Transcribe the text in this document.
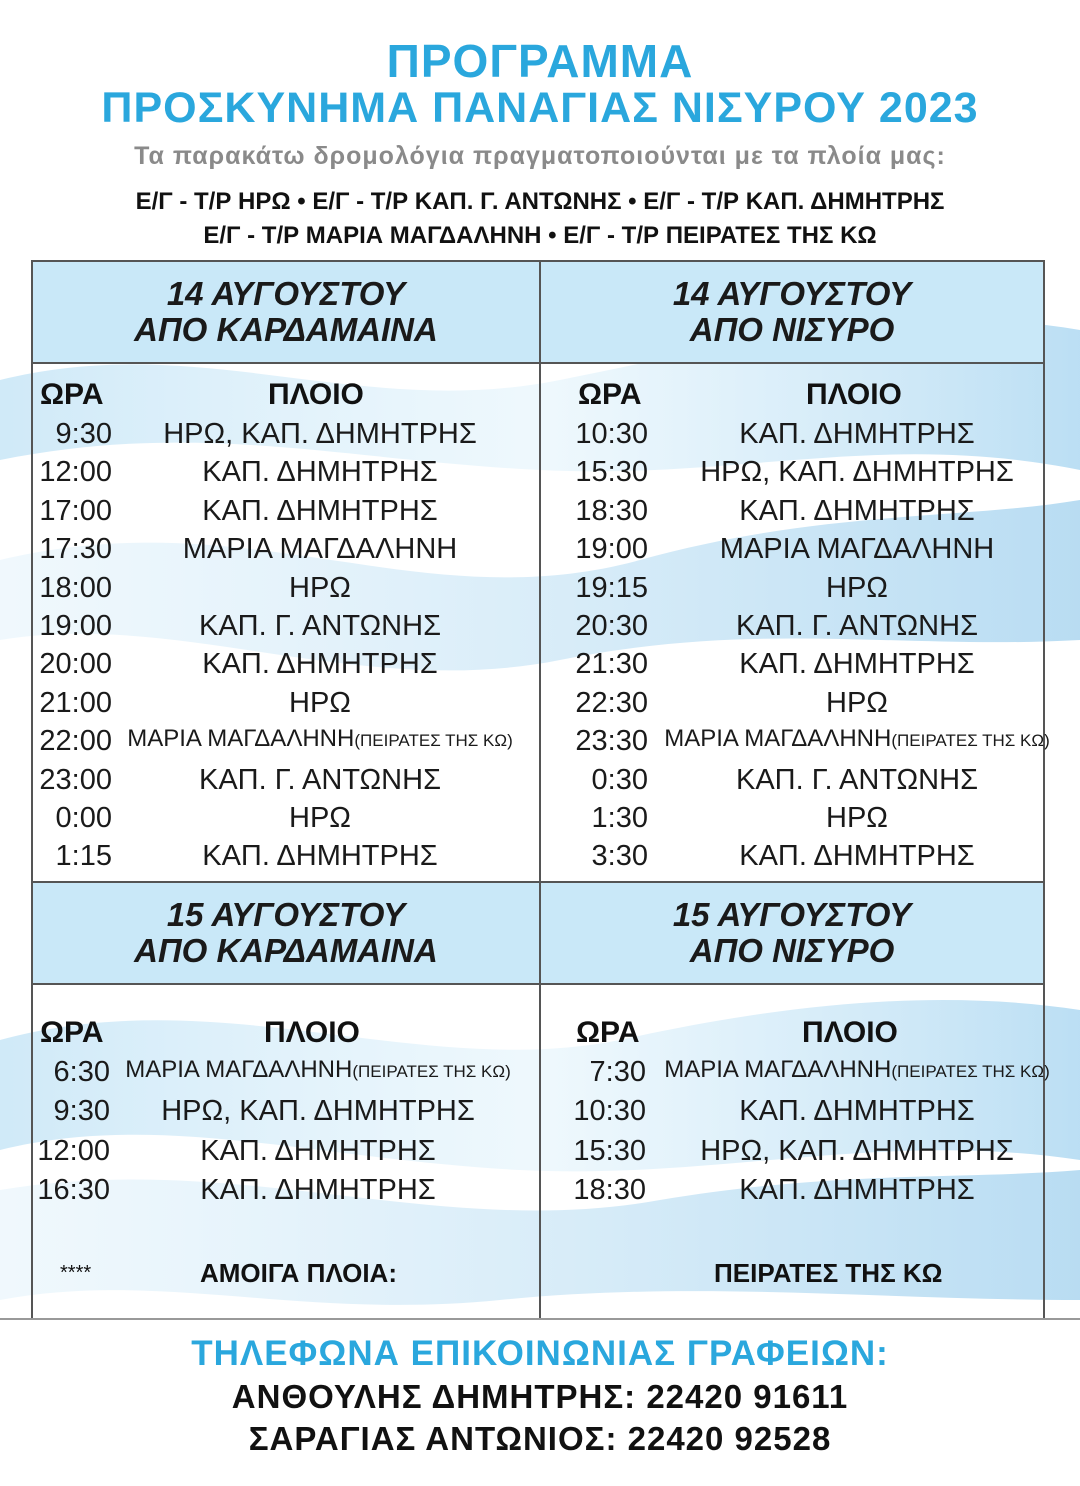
ΠΡΟΓΡΑΜΜΑ
ΠΡΟΣΚΥΝΗΜΑ ΠΑΝΑΓΙΑΣ ΝΙΣΥΡΟΥ 2023
Τα παρακάτω δρομολόγια πραγματοποιούνται με τα πλοία μας:
Ε/Γ - Τ/Ρ ΗΡΩ • Ε/Γ - Τ/Ρ ΚΑΠ. Γ. ΑΝΤΩΝΗΣ • Ε/Γ - Τ/Ρ ΚΑΠ. ΔΗΜΗΤΡΗΣ
Ε/Γ - Τ/Ρ ΜΑΡΙΑ ΜΑΓΔΑΛΗΝΗ • Ε/Γ - Τ/Ρ ΠΕΙΡΑΤΕΣ ΤΗΣ ΚΩ
14 ΑΥΓΟΥΣΤΟΥ
ΑΠΟ ΚΑΡΔΑΜΑΙΝΑ
14 ΑΥΓΟΥΣΤΟΥ
ΑΠΟ ΝΙΣΥΡΟ
15 ΑΥΓΟΥΣΤΟΥ
ΑΠΟ ΚΑΡΔΑΜΑΙΝΑ
15 ΑΥΓΟΥΣΤΟΥ
ΑΠΟ ΝΙΣΥΡΟ
ΩΡΑ	ΠΛΟΙΟ	ΩΡΑ	ΠΛΟΙΟ
ΩΡΑ	ΠΛΟΙΟ	ΩΡΑ	ΠΛΟΙΟ
9:30	ΗΡΩ, ΚΑΠ. ΔΗΜΗΤΡΗΣ
12:00	ΚΑΠ. ΔΗΜΗΤΡΗΣ
17:00	ΚΑΠ. ΔΗΜΗΤΡΗΣ
17:30	ΜΑΡΙΑ ΜΑΓΔΑΛΗΝΗ
18:00	ΗΡΩ
19:00	ΚΑΠ. Γ. ΑΝΤΩΝΗΣ
20:00	ΚΑΠ. ΔΗΜΗΤΡΗΣ
21:00	ΗΡΩ
22:00 ΜΑΡΙΑ ΜΑΓΔΑΛΗΝΗ(ΠΕΙΡΑΤΕΣ ΤΗΣ ΚΩ)
23:00	ΚΑΠ. Γ. ΑΝΤΩΝΗΣ
0:00	ΗΡΩ
1:15	ΚΑΠ. ΔΗΜΗΤΡΗΣ
10:30	ΚΑΠ. ΔΗΜΗΤΡΗΣ
15:30	ΗΡΩ, ΚΑΠ. ΔΗΜΗΤΡΗΣ
18:30	ΚΑΠ. ΔΗΜΗΤΡΗΣ
19:00	ΜΑΡΙΑ ΜΑΓΔΑΛΗΝΗ
19:15	ΗΡΩ
20:30	ΚΑΠ. Γ. ΑΝΤΩΝΗΣ
21:30	ΚΑΠ. ΔΗΜΗΤΡΗΣ
22:30	ΗΡΩ
23:30 ΜΑΡΙΑ ΜΑΓΔΑΛΗΝΗ(ΠΕΙΡΑΤΕΣ ΤΗΣ ΚΩ)
0:30	ΚΑΠ. Γ. ΑΝΤΩΝΗΣ
1:30	ΗΡΩ
3:30	ΚΑΠ. ΔΗΜΗΤΡΗΣ
6:30 ΜΑΡΙΑ ΜΑΓΔΑΛΗΝΗ(ΠΕΙΡΑΤΕΣ ΤΗΣ ΚΩ)
9:30	ΗΡΩ, ΚΑΠ. ΔΗΜΗΤΡΗΣ
12:00	ΚΑΠ. ΔΗΜΗΤΡΗΣ
16:30	ΚΑΠ. ΔΗΜΗΤΡΗΣ
7:30 ΜΑΡΙΑ ΜΑΓΔΑΛΗΝΗ(ΠΕΙΡΑΤΕΣ ΤΗΣ ΚΩ)
10:30	ΚΑΠ. ΔΗΜΗΤΡΗΣ
15:30	ΗΡΩ, ΚΑΠ. ΔΗΜΗΤΡΗΣ
18:30	ΚΑΠ. ΔΗΜΗΤΡΗΣ
****	ΑΜΟΙΓΑ ΠΛΟΙΑ:	ΠΕΙΡΑΤΕΣ ΤΗΣ ΚΩ
ΤΗΛΕΦΩΝΑ ΕΠΙΚΟΙΝΩΝΙΑΣ ΓΡΑΦΕΙΩΝ:
ΑΝΘΟΥΛΗΣ ΔΗΜΗΤΡΗΣ: 22420 91611
ΣΑΡΑΓΙΑΣ ΑΝΤΩΝΙΟΣ: 22420 92528
